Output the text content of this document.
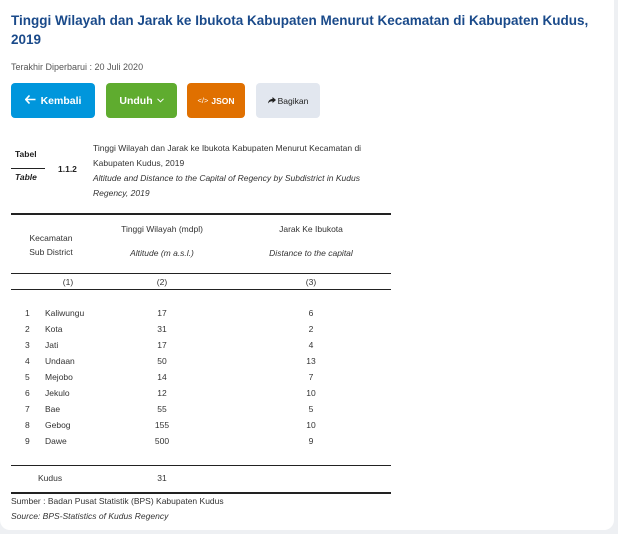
Tinggi Wilayah dan Jarak ke Ibukota Kabupaten Menurut Kecamatan di Kabupaten Kudus, 2019
Terakhir Diperbarui : 20 Juli 2020
Kembali	Unduh	</> JSON	Bagikan
Tabel
Table
1.1.2
Tinggi Wilayah dan Jarak ke Ibukota Kabupaten Menurut Kecamatan di Kabupaten Kudus, 2019
Altitude and Distance to the Capital of Regency by Subdistrict in Kudus Regency, 2019
Kecamatan
Sub District
Tinggi Wilayah (mdpl)
Altitude (m a.s.l.)
Jarak Ke Ibukota
Distance to the capital
(1)	(2)	(3)
1 Kaliwungu	17	6
2 Kota	31	2
3 Jati	17	4
4 Undaan	50	13
5 Mejobo	14	7
6 Jekulo	12	10
7 Bae	55	5
8 Gebog	155	10
9 Dawe	500	9
Kudus	31
Sumber : Badan Pusat Statistik (BPS) Kabupaten Kudus
Source: BPS-Statistics of Kudus Regency
